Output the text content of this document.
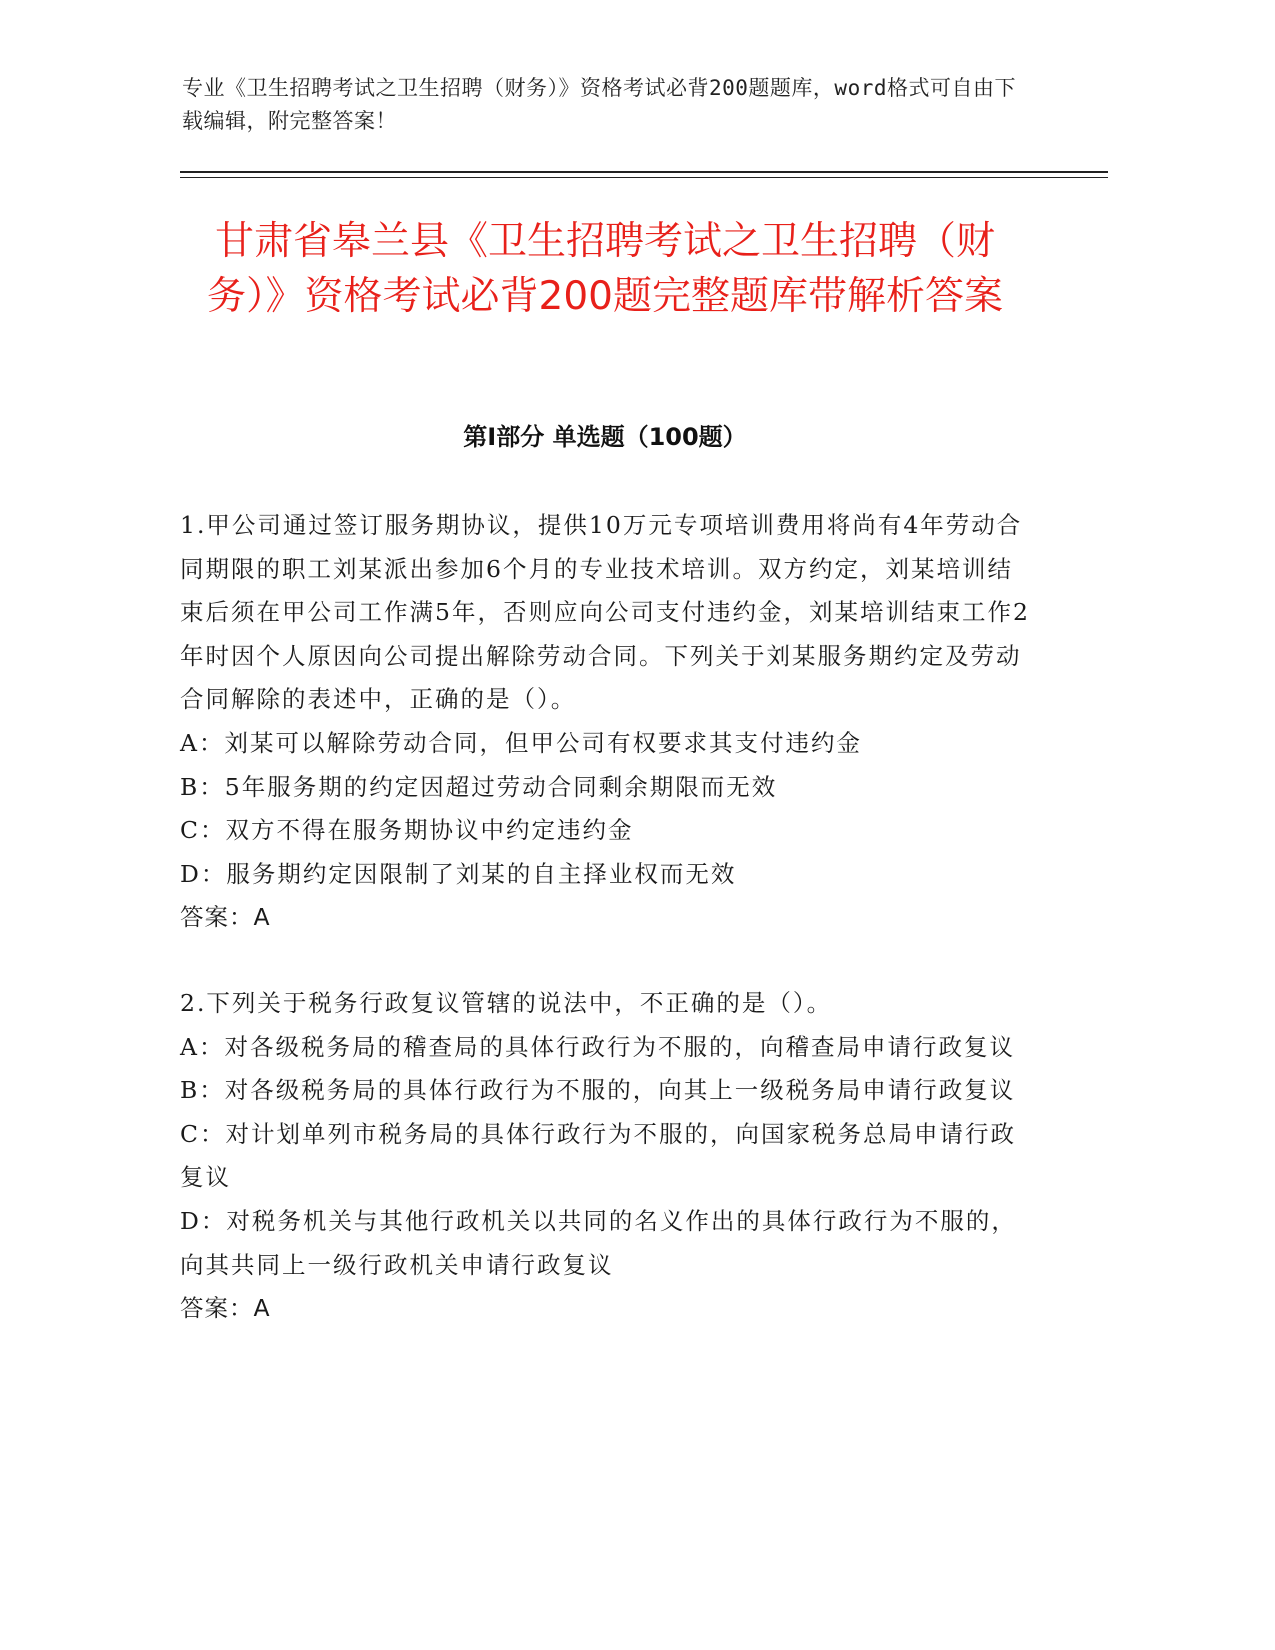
专业《卫生招聘考试之卫生招聘（财务）》资格考试必背200题题库，word格式可自由下载编辑，附完整答案！
甘肃省皋兰县《卫生招聘考试之卫生招聘（财务）》资格考试必背200题完整题库带解析答案
第Ⅰ部分 单选题（100题）

1.甲公司通过签订服务期协议，提供10万元专项培训费用将尚有4年劳动合同期限的职工刘某派出参加6个月的专业技术培训。双方约定，刘某培训结束后须在甲公司工作满5年，否则应向公司支付违约金，刘某培训结束工作2年时因个人原因向公司提出解除劳动合同。下列关于刘某服务期约定及劳动合同解除的表述中，正确的是（）。

A：刘某可以解除劳动合同，但甲公司有权要求其支付违约金

B：5年服务期的约定因超过劳动合同剩余期限而无效

C：双方不得在服务期协议中约定违约金

D：服务期约定因限制了刘某的自主择业权而无效

答案：A

2.下列关于税务行政复议管辖的说法中，不正确的是（）。

A：对各级税务局的稽查局的具体行政行为不服的，向稽查局申请行政复议

B：对各级税务局的具体行政行为不服的，向其上一级税务局申请行政复议

C：对计划单列市税务局的具体行政行为不服的，向国家税务总局申请行政复议

D：对税务机关与其他行政机关以共同的名义作出的具体行政行为不服的，向其共同上一级行政机关申请行政复议

答案：A
